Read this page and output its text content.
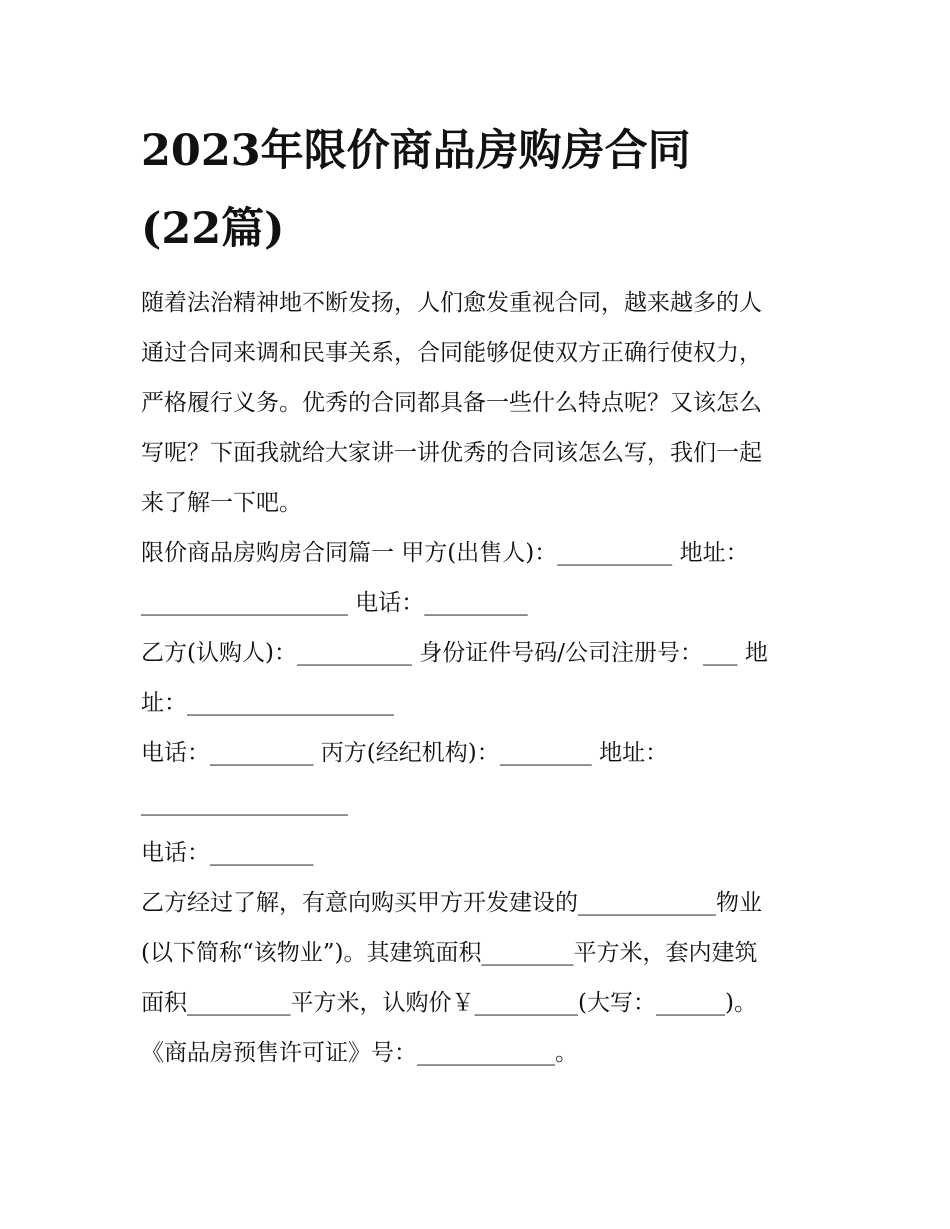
2023年限价商品房购房合同
(22篇)
随着法治精神地不断发扬，人们愈发重视合同，越来越多的人
通过合同来调和民事关系，合同能够促使双方正确行使权力，
严格履行义务。优秀的合同都具备一些什么特点呢？又该怎么
写呢？下面我就给大家讲一讲优秀的合同该怎么写，我们一起
来了解一下吧。
限价商品房购房合同篇一 甲方(出售人)：__________ 地址：
__________________ 电话：_________
乙方(认购人)：__________ 身份证件号码/公司注册号：___ 地
址：__________________
电话：_________ 丙方(经纪机构)：________ 地址：
__________________
电话：_________
乙方经过了解，有意向购买甲方开发建设的____________物业
(以下简称“该物业”)。其建筑面积________平方米，套内建筑
面积_________平方米，认购价￥_________(大写：______)。
《商品房预售许可证》号：____________。
